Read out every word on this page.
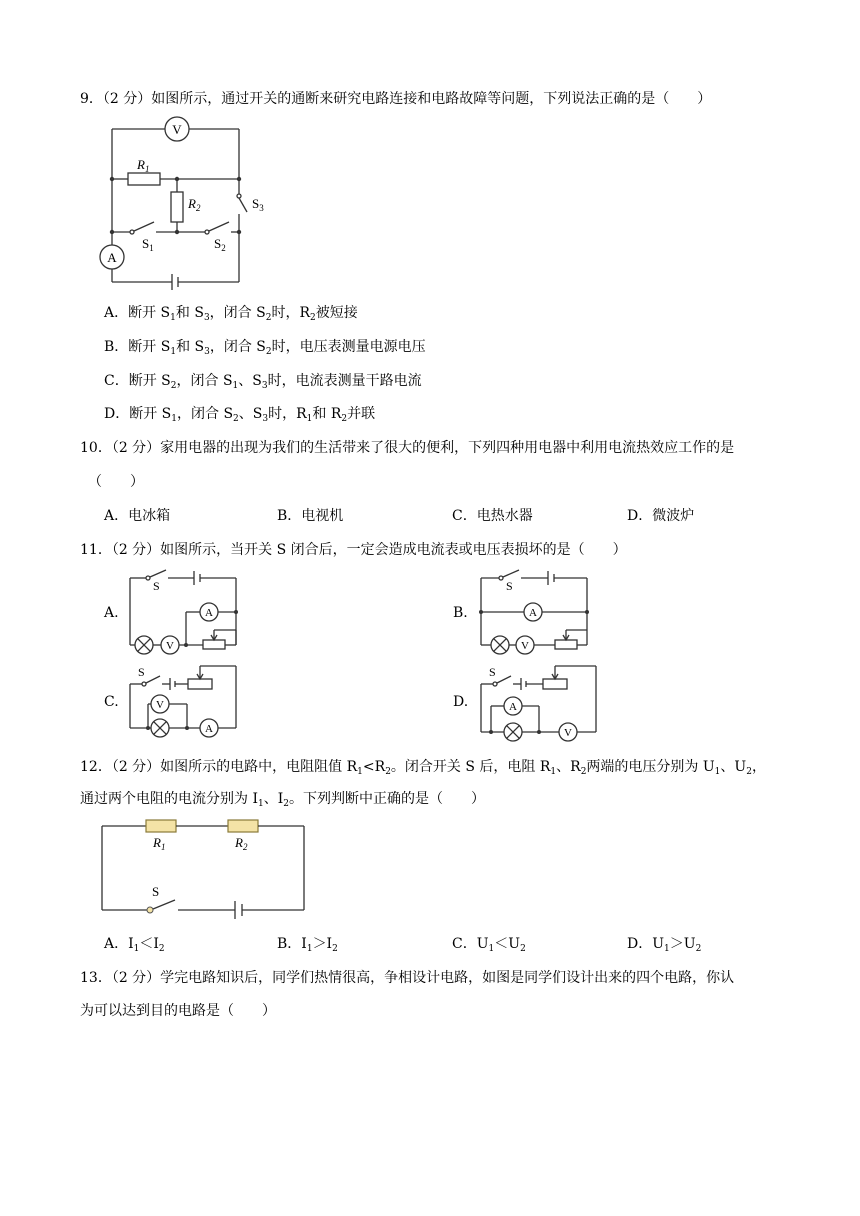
9．（2 分）如图所示，通过开关的通断来研究电路连接和电路故障等问题，下列说法正确的是（　　）
V
$R_1$
$R_2$	$S_3$
$S_1$	$S_2$
A
A．断开 $S_1$和 $S_3$，闭合 $S_2$时，$R_2$被短接
B．断开 $S_1$和 $S_3$，闭合 $S_2$时，电压表测量电源电压
C．断开 $S_2$，闭合 $S_1$、$S_3$时，电流表测量干路电流
D．断开 $S_1$，闭合 $S_2$、$S_3$时，$R_1$和 $R_2$并联
10．（2 分）家用电器的出现为我们的生活带来了很大的便利，下列四种用电器中利用电流热效应工作的是
（　　）
A．电冰箱	B．电视机	C．电热水器	D．微波炉
11．（2 分）如图所示，当开关 S 闭合后，一定会造成电流表或电压表损坏的是（　　）
A.	B.
C.	D.
S
A
V
S
A
V
S
A
V
S
V
A
12．（2 分）如图所示的电路中，电阻阻值 $R_1<R_2$。闭合开关 S 后，电阻 $R_1$、$R_2$两端的电压分别为 $U_1$、$U_2$，
通过两个电阻的电流分别为 $I_1$、$I_2$。下列判断中正确的是（　　）
$R_1$	$R_2$
S
A．$I_1<I_2$	B．$I_1>I_2$	C．$U_1<U_2$	D．$U_1>U_2$
13．（2 分）学完电路知识后，同学们热情很高，争相设计电路，如图是同学们设计出来的四个电路，你认
为可以达到目的电路是（　　）
